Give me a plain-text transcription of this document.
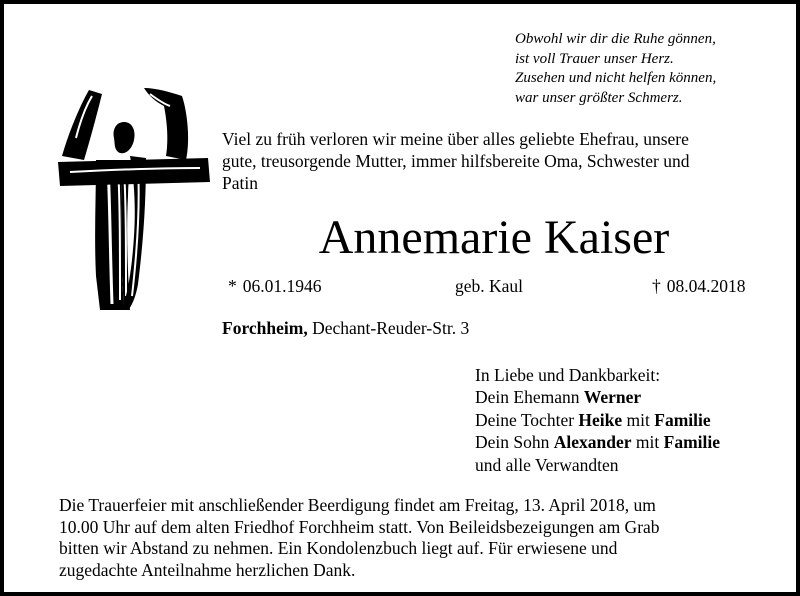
Obwohl wir dir die Ruhe gönnen,
ist voll Trauer unser Herz.
Zusehen und nicht helfen können,
war unser größter Schmerz.
Viel zu früh verloren wir meine über alles geliebte Ehefrau, unsere
gute, treusorgende Mutter, immer hilfsbereite Oma, Schwester und
Patin
Annemarie Kaiser
* 06.01.1946	geb. Kaul	† 08.04.2018
Forchheim, Dechant-Reuder-Str. 3
In Liebe und Dankbarkeit:
Dein Ehemann Werner
Deine Tochter Heike mit Familie
Dein Sohn Alexander mit Familie
und alle Verwandten
Die Trauerfeier mit anschließender Beerdigung findet am Freitag, 13. April 2018, um
10.00 Uhr auf dem alten Friedhof Forchheim statt. Von Beileidsbezeigungen am Grab
bitten wir Abstand zu nehmen. Ein Kondolenzbuch liegt auf. Für erwiesene und
zugedachte Anteilnahme herzlichen Dank.
